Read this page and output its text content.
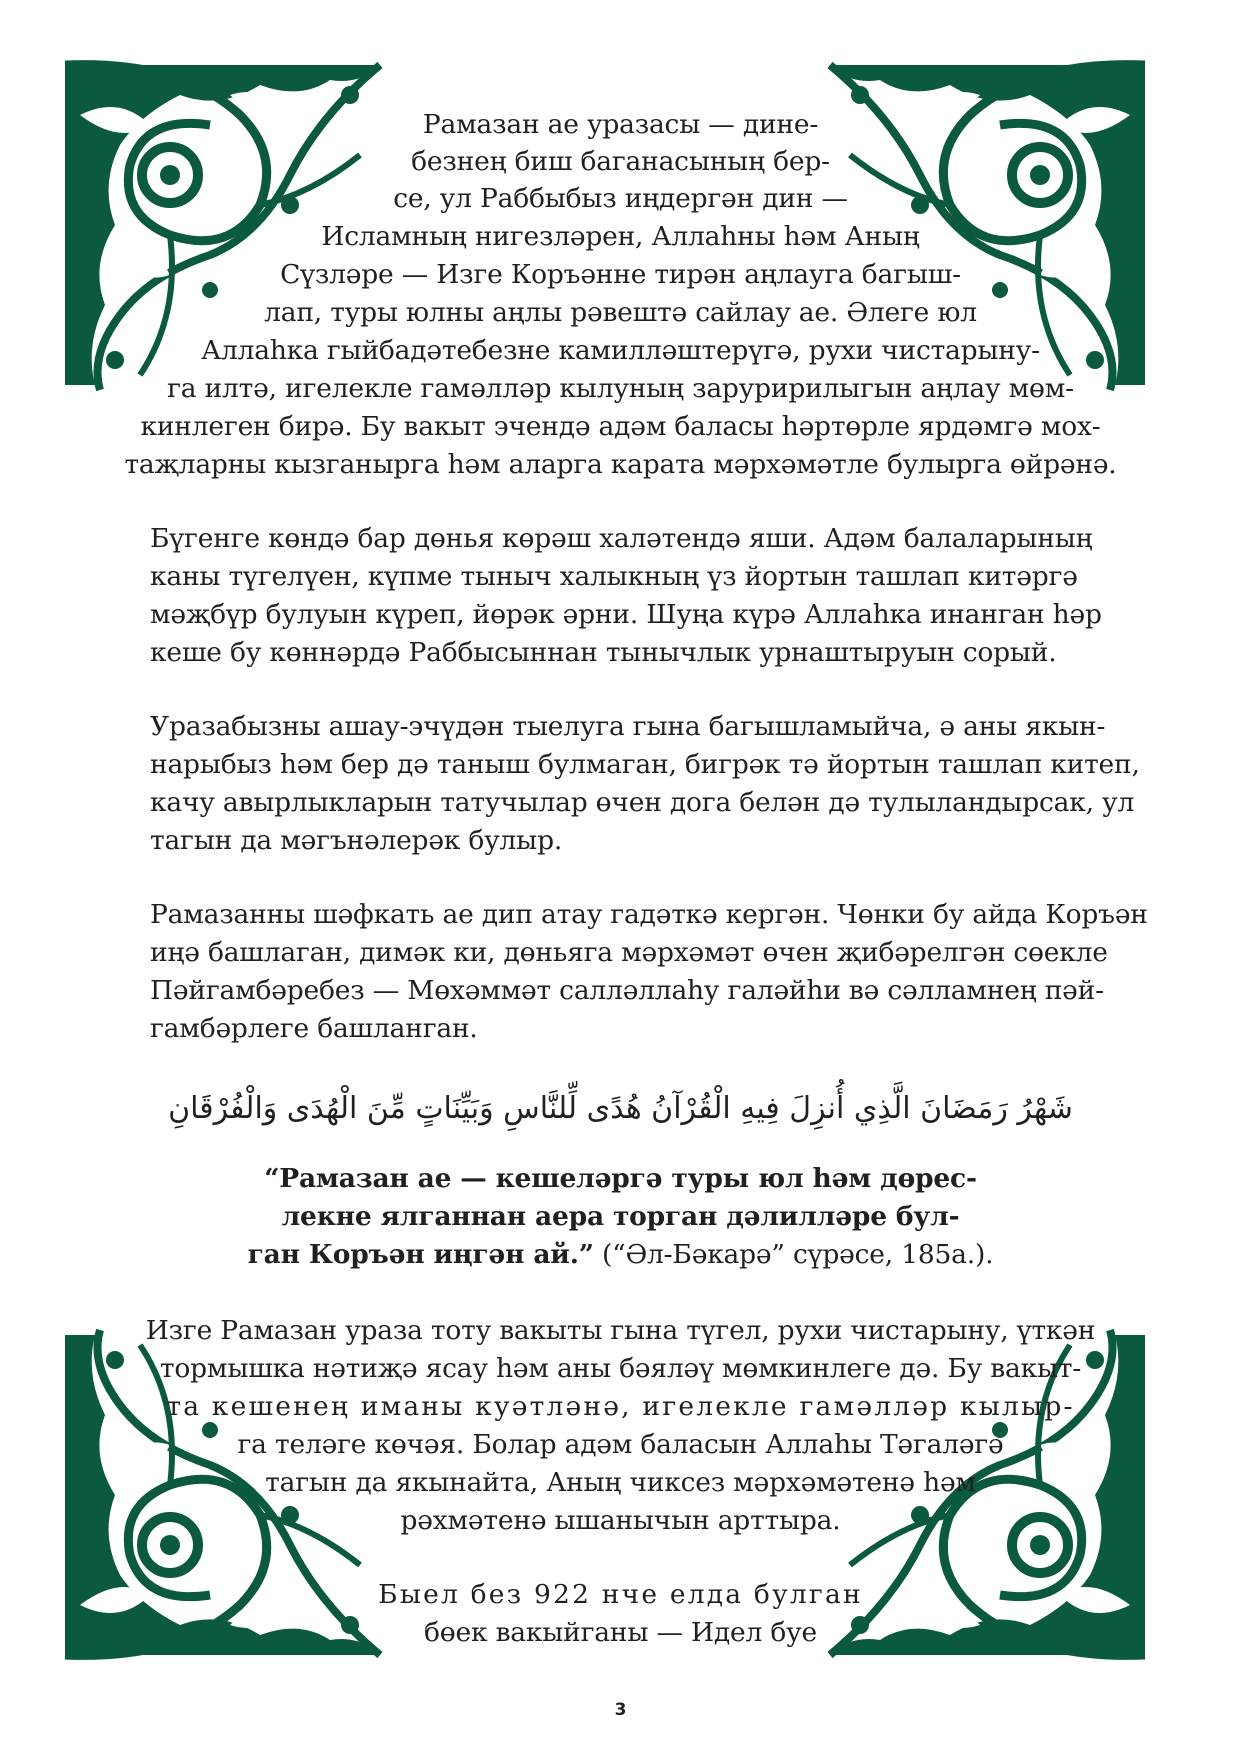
Рамазан ае уразасы — дине-
безнең биш баганасының бер-
се, ул Раббыбыз иңдергән дин —
Исламның нигезләрен, Аллаһны һәм Аның
Сүзләре — Изге Коръәнне тирән аңлауга багыш-
лап, туры юлны аңлы рәвештә сайлау ае. Әлеге юл
Аллаһка гыйбадәтебезне камилләштерүгә, рухи чистарыну-
га илтә, игелекле гамәлләр кылуның заруририлыгын аңлау мөм-
кинлеген бирә. Бу вакыт эчендә адәм баласы һәртөрле ярдәмгә мох-
таҗларны кызганырга һәм аларга карата мәрхәмәтле булырга өйрәнә.
Бүгенге көндә бар дөнья көрәш халәтендә яши. Адәм балаларының
каны түгелүен, күпме тыныч халыкның үз йортын ташлап китәргә
мәҗбүр булуын күреп, йөрәк әрни. Шуңа күрә Аллаһка инанган һәр
кеше бу көннәрдә Раббысыннан тынычлык урнаштыруын сорый.
Уразабызны ашау-эчүдән тыелуга гына багышламыйча, ә аны якын-
нарыбыз һәм бер дә таныш булмаган, бигрәк тә йортын ташлап китеп,
качу авырлыкларын татучылар өчен дога белән дә тулыландырсак, ул
тагын да мәгънәлерәк булыр.
Рамазанны шәфкать ае дип атау гадәткә кергән. Чөнки бу айда Коръән
иңә башлаган, димәк ки, дөньяга мәрхәмәт өчен җибәрелгән сөекле
Пәйгамбәребез — Мөхәммәт салләллаһу галәйһи вә сәлламнең пәй-
гамбәрлеге башланган.
شَهْرُ رَمَضَانَ الَّذِي أُنزِلَ فِيهِ الْقُرْآنُ هُدًى لِّلنَّاسِ وَبَيِّنَاتٍ مِّنَ الْهُدَى وَالْفُرْقَانِ
“Рамазан ае — кешеләргә туры юл һәм дөрес-
лекне ялганнан аера торган дәлилләре бул-
ган Коръән иңгән ай.” (“Әл-Бәкарә” сүрәсе, 185а.).
Изге Рамазан ураза тоту вакыты гына түгел, рухи чистарыну, үткән
тормышка нәтиҗә ясау һәм аны бәяләү мөмкинлеге дә. Бу вакыт-
та кешенең иманы куәтләнә, игелекле гамәлләр кылыр-
га теләге көчәя. Болар адәм баласын Аллаһы Тәгаләгә
тагын да якынайта, Аның чиксез мәрхәмәтенә һәм
рәхмәтенә ышанычын арттыра.
Быел без 922 нче елда булган
бөек вакыйганы — Идел буе
3
